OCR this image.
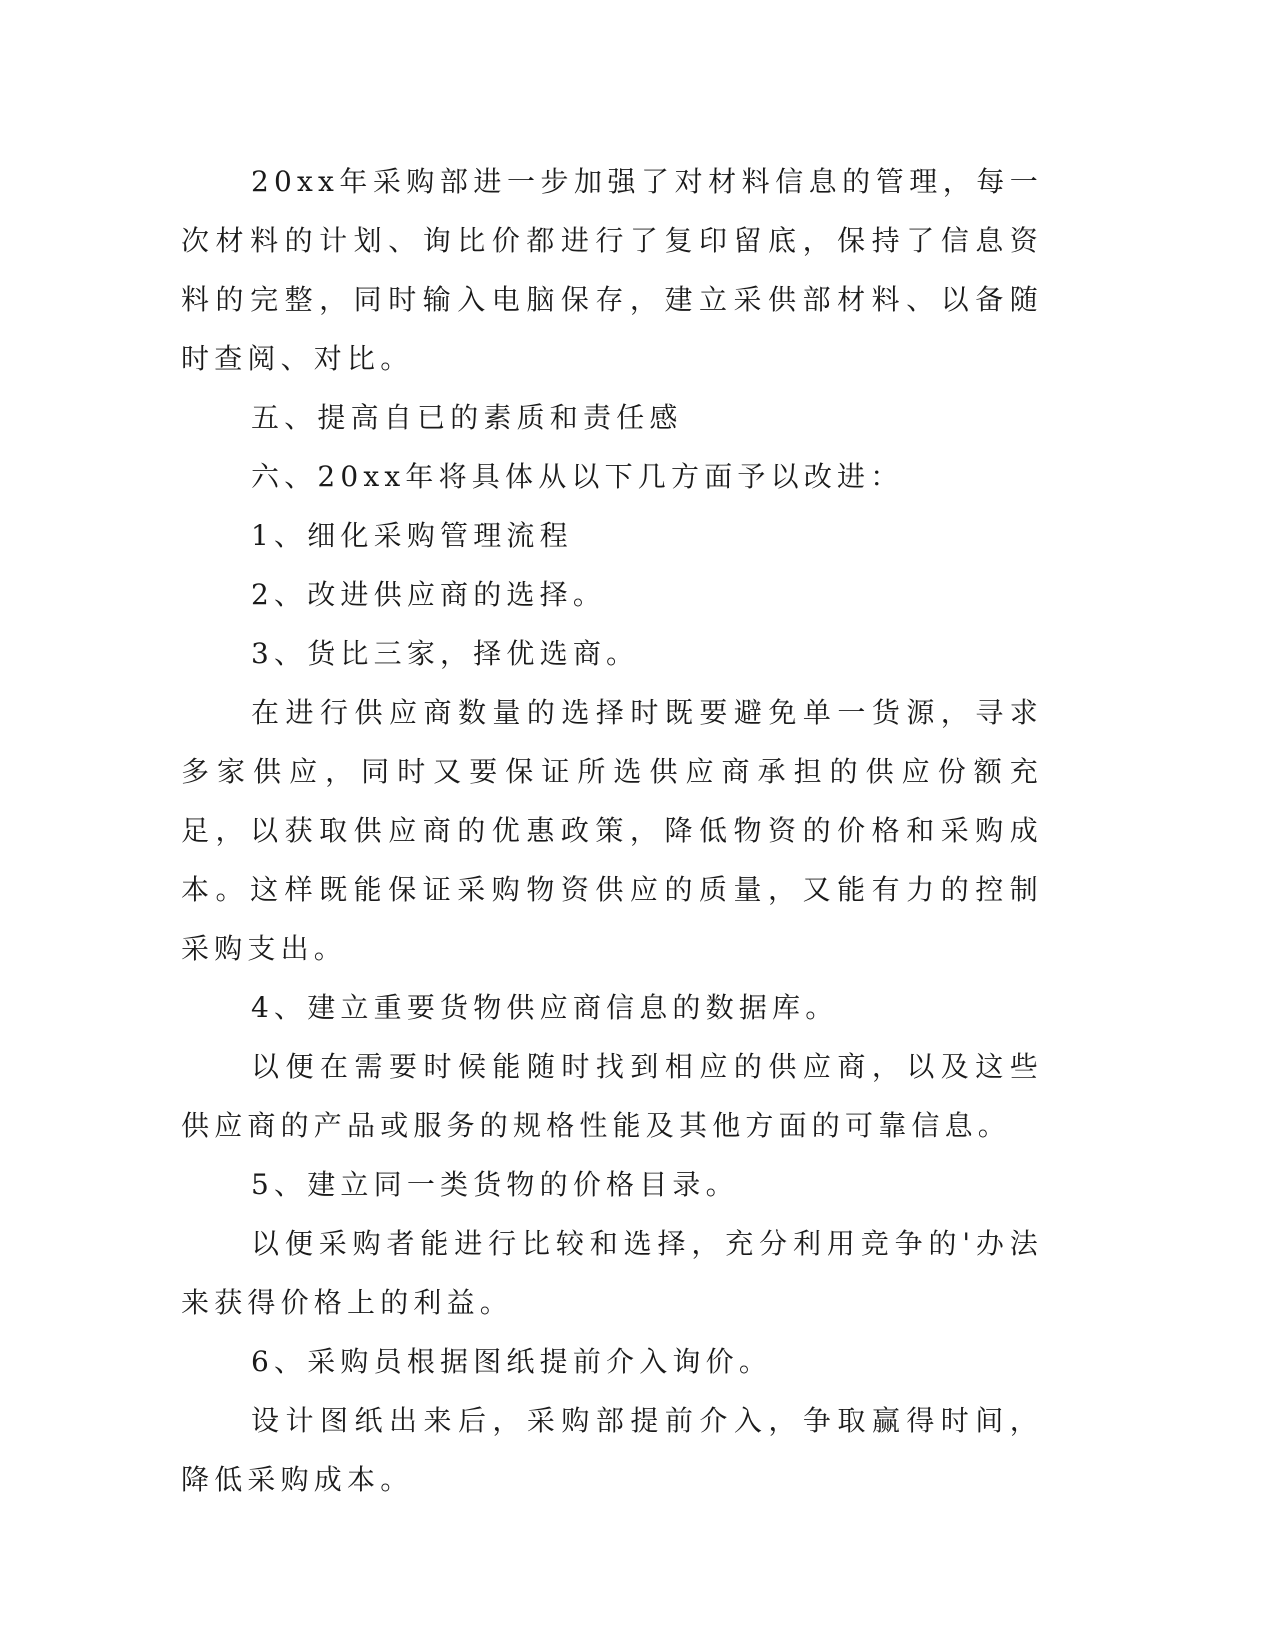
20xx年采购部进一步加强了对材料信息的管理，每一次材料的计划、询比价都进行了复印留底，保持了信息资料的完整，同时输入电脑保存，建立采供部材料、以备随时查阅、对比。

五、提高自已的素质和责任感

六、20xx年将具体从以下几方面予以改进：

1、细化采购管理流程

2、改进供应商的选择。

3、货比三家，择优选商。

在进行供应商数量的选择时既要避免单一货源，寻求多家供应，同时又要保证所选供应商承担的供应份额充足，以获取供应商的优惠政策，降低物资的价格和采购成本。这样既能保证采购物资供应的质量，又能有力的控制采购支出。

4、建立重要货物供应商信息的数据库。

以便在需要时候能随时找到相应的供应商，以及这些供应商的产品或服务的规格性能及其他方面的可靠信息。

5、建立同一类货物的价格目录。

以便采购者能进行比较和选择，充分利用竞争的'办法来获得价格上的利益。

6、采购员根据图纸提前介入询价。

设计图纸出来后，采购部提前介入，争取赢得时间，降低采购成本。
